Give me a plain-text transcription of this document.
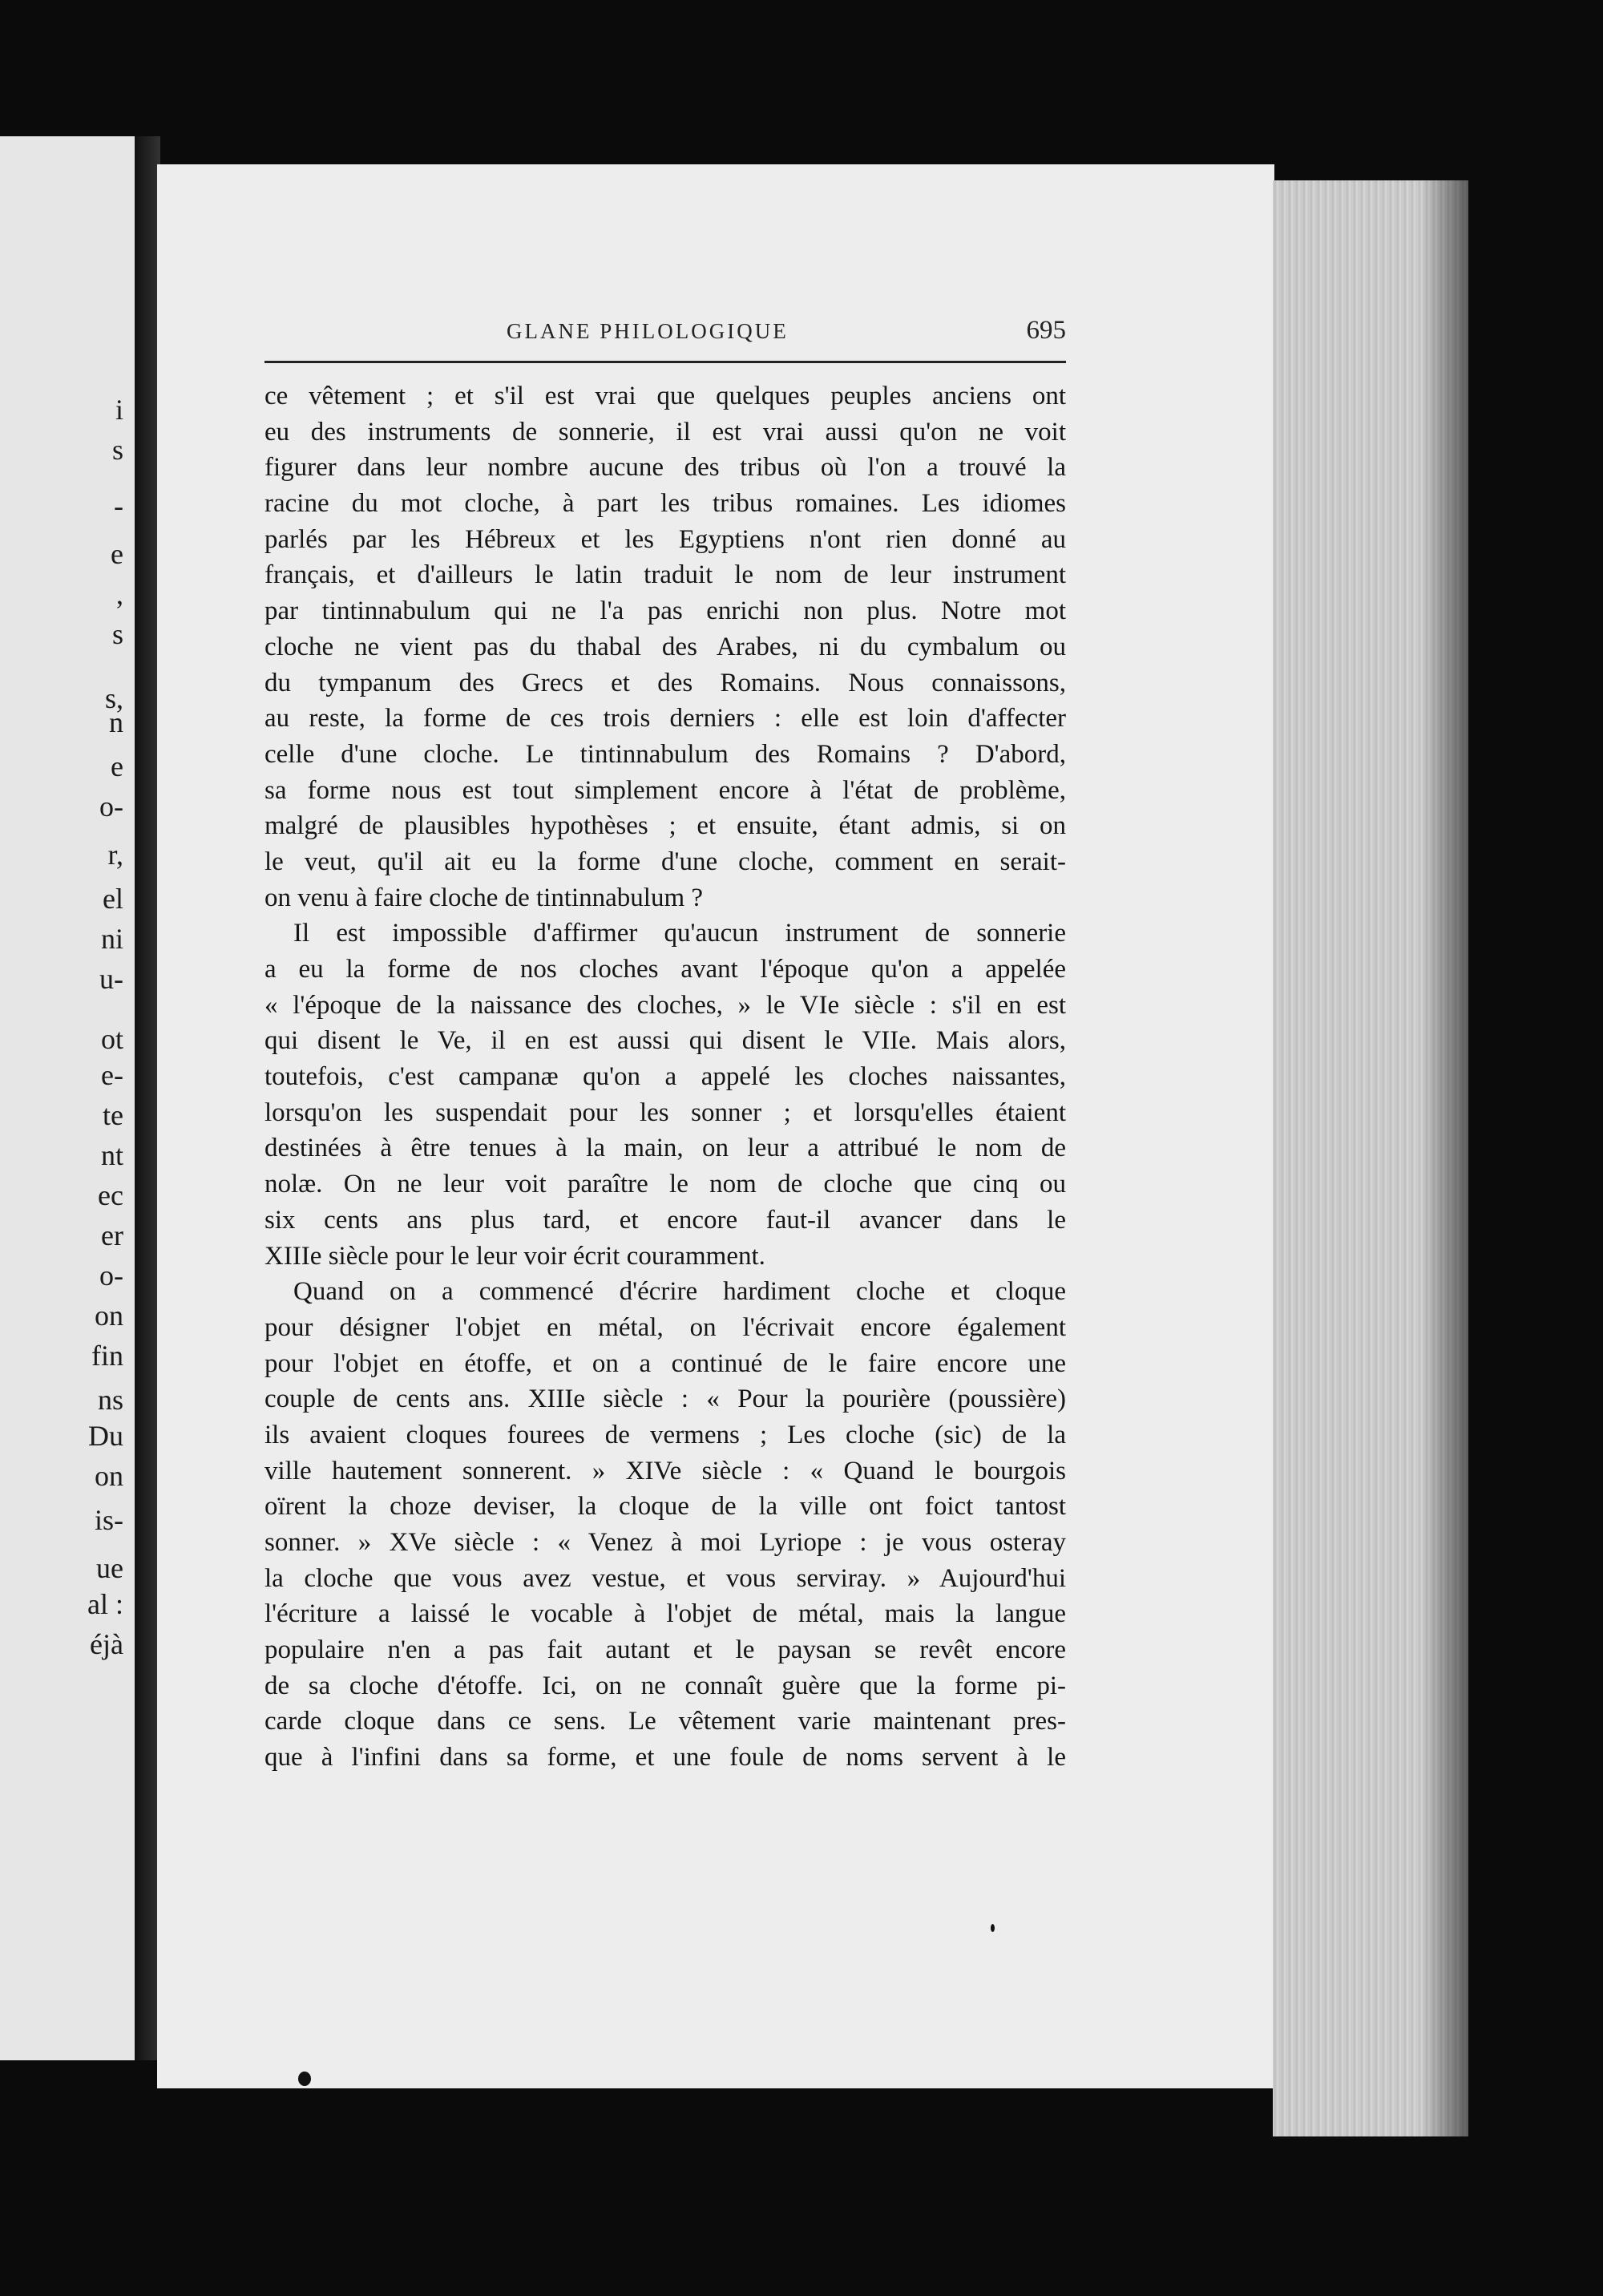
i
s
-
e
,
s
s,
n
e
o-
r,
el
ni
u-
ot
e-
te
nt
ec
er
o-
on
fin
ns
Du
on
is-
ue
al :
éjà
GLANE PHILOLOGIQUE	695
ce vêtement ; et s'il est vrai que quelques peuples anciens ont
eu des instruments de sonnerie, il est vrai aussi qu'on ne voit
figurer dans leur nombre aucune des tribus où l'on a trouvé la
racine du mot cloche, à part les tribus romaines. Les idiomes
parlés par les Hébreux et les Egyptiens n'ont rien donné au
français, et d'ailleurs le latin traduit le nom de leur instrument
par tintinnabulum qui ne l'a pas enrichi non plus. Notre mot
cloche ne vient pas du thabal des Arabes, ni du cymbalum ou
du tympanum des Grecs et des Romains. Nous connaissons,
au reste, la forme de ces trois derniers : elle est loin d'affecter
celle d'une cloche. Le tintinnabulum des Romains ? D'abord,
sa forme nous est tout simplement encore à l'état de problème,
malgré de plausibles hypothèses ; et ensuite, étant admis, si on
le veut, qu'il ait eu la forme d'une cloche, comment en serait-
on venu à faire cloche de tintinnabulum ?
Il est impossible d'affirmer qu'aucun instrument de sonnerie
a eu la forme de nos cloches avant l'époque qu'on a appelée
« l'époque de la naissance des cloches, » le VIe siècle : s'il en est
qui disent le Ve, il en est aussi qui disent le VIIe. Mais alors,
toutefois, c'est campanæ qu'on a appelé les cloches naissantes,
lorsqu'on les suspendait pour les sonner ; et lorsqu'elles étaient
destinées à être tenues à la main, on leur a attribué le nom de
nolæ. On ne leur voit paraître le nom de cloche que cinq ou
six cents ans plus tard, et encore faut-il avancer dans le
XIIIe siècle pour le leur voir écrit couramment.
Quand on a commencé d'écrire hardiment cloche et cloque
pour désigner l'objet en métal, on l'écrivait encore également
pour l'objet en étoffe, et on a continué de le faire encore une
couple de cents ans. XIIIe siècle : « Pour la pourière (poussière)
ils avaient cloques fourees de vermens ; Les cloche (sic) de la
ville hautement sonnerent. » XIVe siècle : « Quand le bourgois
oïrent la choze deviser, la cloque de la ville ont foict tantost
sonner. » XVe siècle : « Venez à moi Lyriope : je vous osteray
la cloche que vous avez vestue, et vous serviray. » Aujourd'hui
l'écriture a laissé le vocable à l'objet de métal, mais la langue
populaire n'en a pas fait autant et le paysan se revêt encore
de sa cloche d'étoffe. Ici, on ne connaît guère que la forme pi-
carde cloque dans ce sens. Le vêtement varie maintenant pres-
que à l'infini dans sa forme, et une foule de noms servent à le
